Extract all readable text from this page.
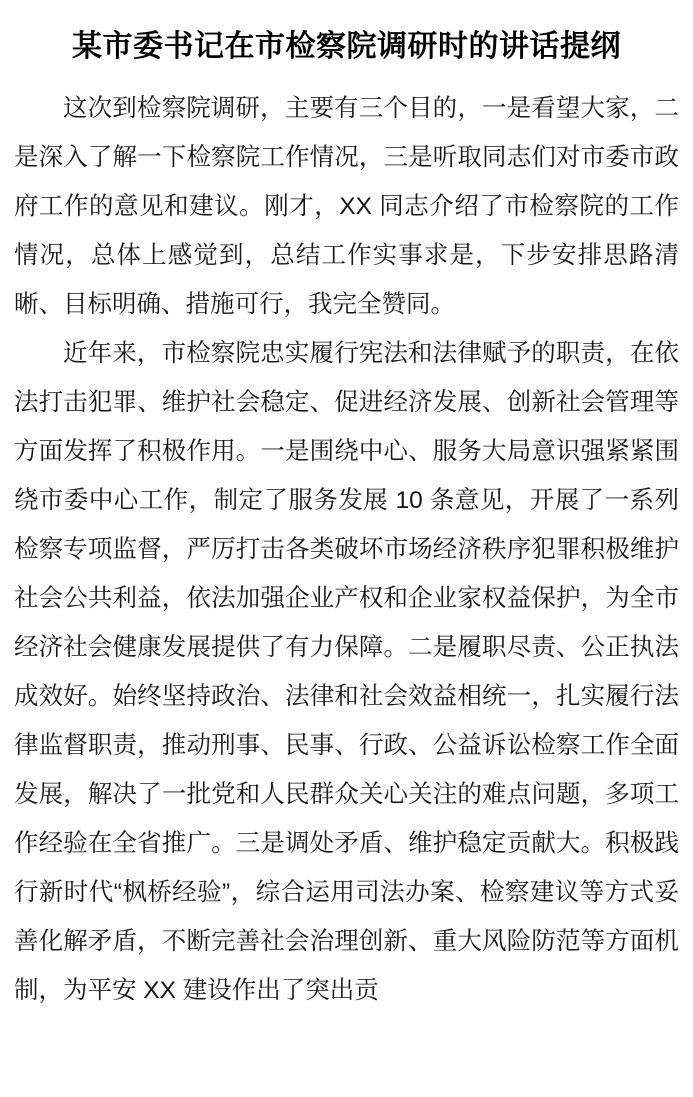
某市委书记在市检察院调研时的讲话提纲

这次到检察院调研，主要有三个目的，一是看望大家，二是深入了解一下检察院工作情况，三是听取同志们对市委市政府工作的意见和建议。刚才，XX 同志介绍了市检察院的工作情况，总体上感觉到，总结工作实事求是，下步安排思路清晰、目标明确、措施可行，我完全赞同。

近年来，市检察院忠实履行宪法和法律赋予的职责，在依法打击犯罪、维护社会稳定、促进经济发展、创新社会管理等方面发挥了积极作用。一是围绕中心、服务大局意识强紧紧围绕市委中心工作，制定了服务发展 10 条意见，开展了一系列检察专项监督，严厉打击各类破坏市场经济秩序犯罪积极维护社会公共利益，依法加强企业产权和企业家权益保护，为全市经济社会健康发展提供了有力保障。二是履职尽责、公正执法成效好。始终坚持政治、法律和社会效益相统一，扎实履行法律监督职责，推动刑事、民事、行政、公益诉讼检察工作全面发展，解决了一批党和人民群众关心关注的难点问题，多项工作经验在全省推广。三是调处矛盾、维护稳定贡献大。积极践行新时代“枫桥经验”，综合运用司法办案、检察建议等方式妥善化解矛盾，不断完善社会治理创新、重大风险防范等方面机制，为平安 XX 建设作出了突出贡
